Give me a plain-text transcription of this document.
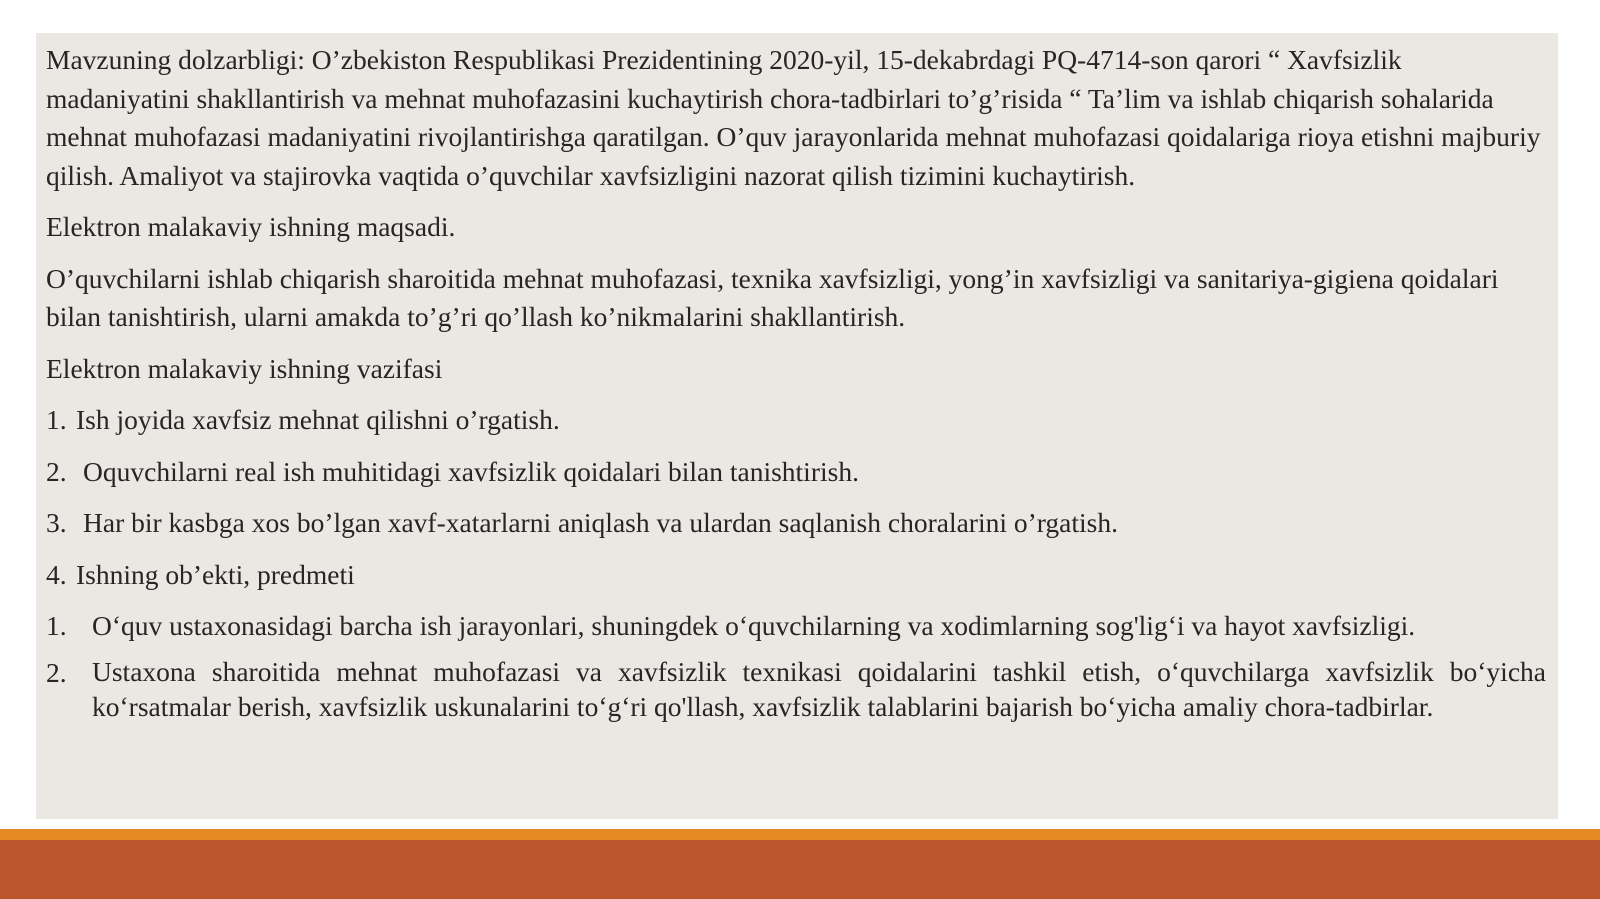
Mavzuning dolzarbligi: O’zbekiston Respublikasi Prezidentining 2020-yil, 15-dekabrdagi PQ-4714-son qarori “ Xavfsizlik madaniyatini shakllantirish va mehnat muhofazasini kuchaytirish chora-tadbirlari to’g’risida “ Ta’lim va ishlab chiqarish sohalarida mehnat muhofazasi madaniyatini rivojlantirishga qaratilgan. O’quv jarayonlarida mehnat muhofazasi qoidalariga rioya etishni majburiy qilish. Amaliyot va stajirovka vaqtida o’quvchilar xavfsizligini nazorat qilish tizimini kuchaytirish.

Elektron malakaviy ishning maqsadi.

O’quvchilarni ishlab chiqarish sharoitida mehnat muhofazasi, texnika xavfsizligi, yong’in xavfsizligi va sanitariya-gigiena qoidalari bilan tanishtirish, ularni amakda to’g’ri qo’llash ko’nikmalarini shakllantirish.

Elektron malakaviy ishning vazifasi

1. Ish joyida xavfsiz mehnat qilishni o’rgatish.
2. Oquvchilarni real ish muhitidagi xavfsizlik qoidalari bilan tanishtirish.
3. Har bir kasbga xos bo’lgan xavf-xatarlarni aniqlash va ulardan saqlanish choralarini o’rgatish.
4. Ishning ob’ekti, predmeti
1. O‘quv ustaxonasidagi barcha ish jarayonlari, shuningdek o‘quvchilarning va xodimlarning sog'lig‘i va hayot xavfsizligi.
2. Ustaxona sharoitida mehnat muhofazasi va xavfsizlik texnikasi qoidalarini tashkil etish, o‘quvchilarga xavfsizlik bo‘yicha ko‘rsatmalar berish, xavfsizlik uskunalarini to‘g‘ri qo'llash, xavfsizlik talablarini bajarish bo‘yicha amaliy chora-tadbirlar.
